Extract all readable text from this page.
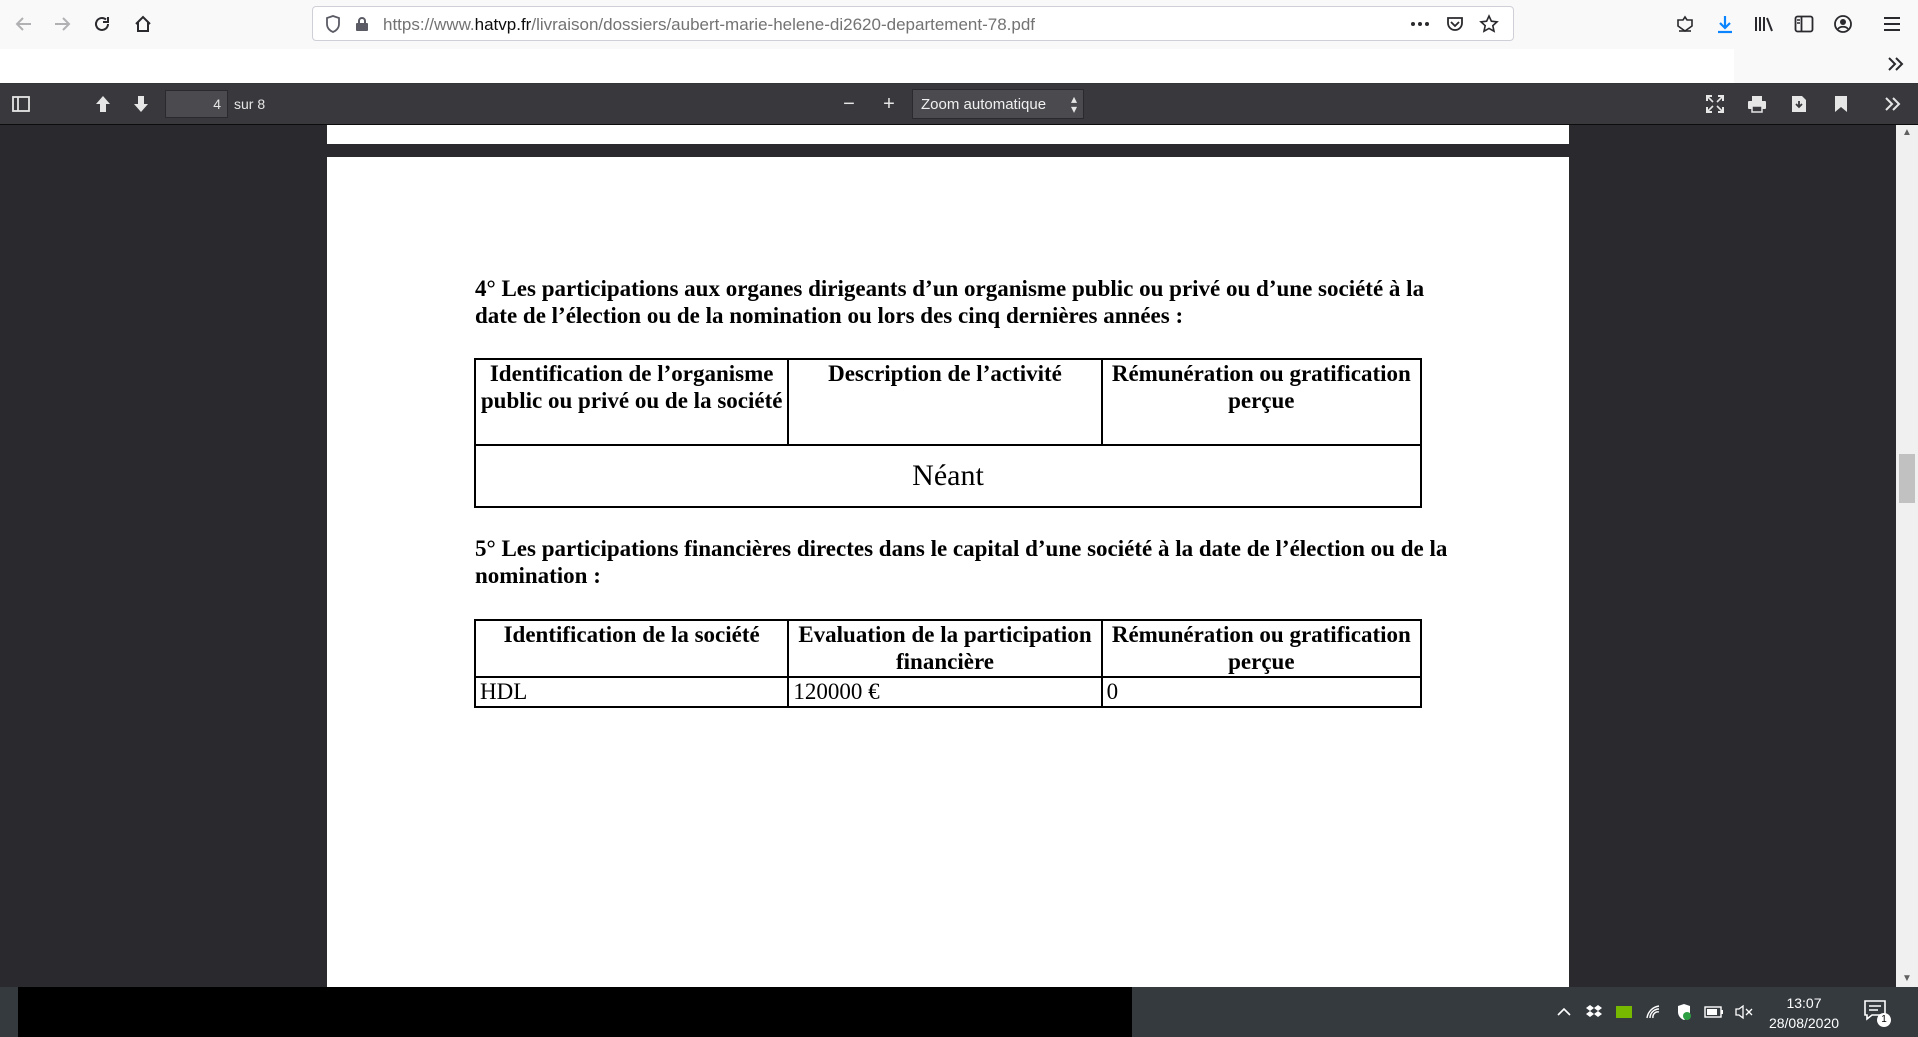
https://www.hatvp.fr/livraison/dossiers/aubert-marie-helene-di2620-departement-78.pdf
4 sur 8	−	+	Zoom automatique ▴
▾
4° Les participations aux organes dirigeants d’un organisme public ou privé ou d’une société à la date de l’élection ou de la nomination ou lors des cinq dernières années :
Identification de l’organisme public ou privé ou de la société	Description de l’activité	Rémunération ou gratification perçue
Néant
5° Les participations financières directes dans le capital d’une société à la date de l’élection ou de la nomination :
Identification de la société	Evaluation de la participation financière	Rémunération ou gratification perçue
HDL	120000 €	0
▲
▼
13:07
28/08/2020	1
